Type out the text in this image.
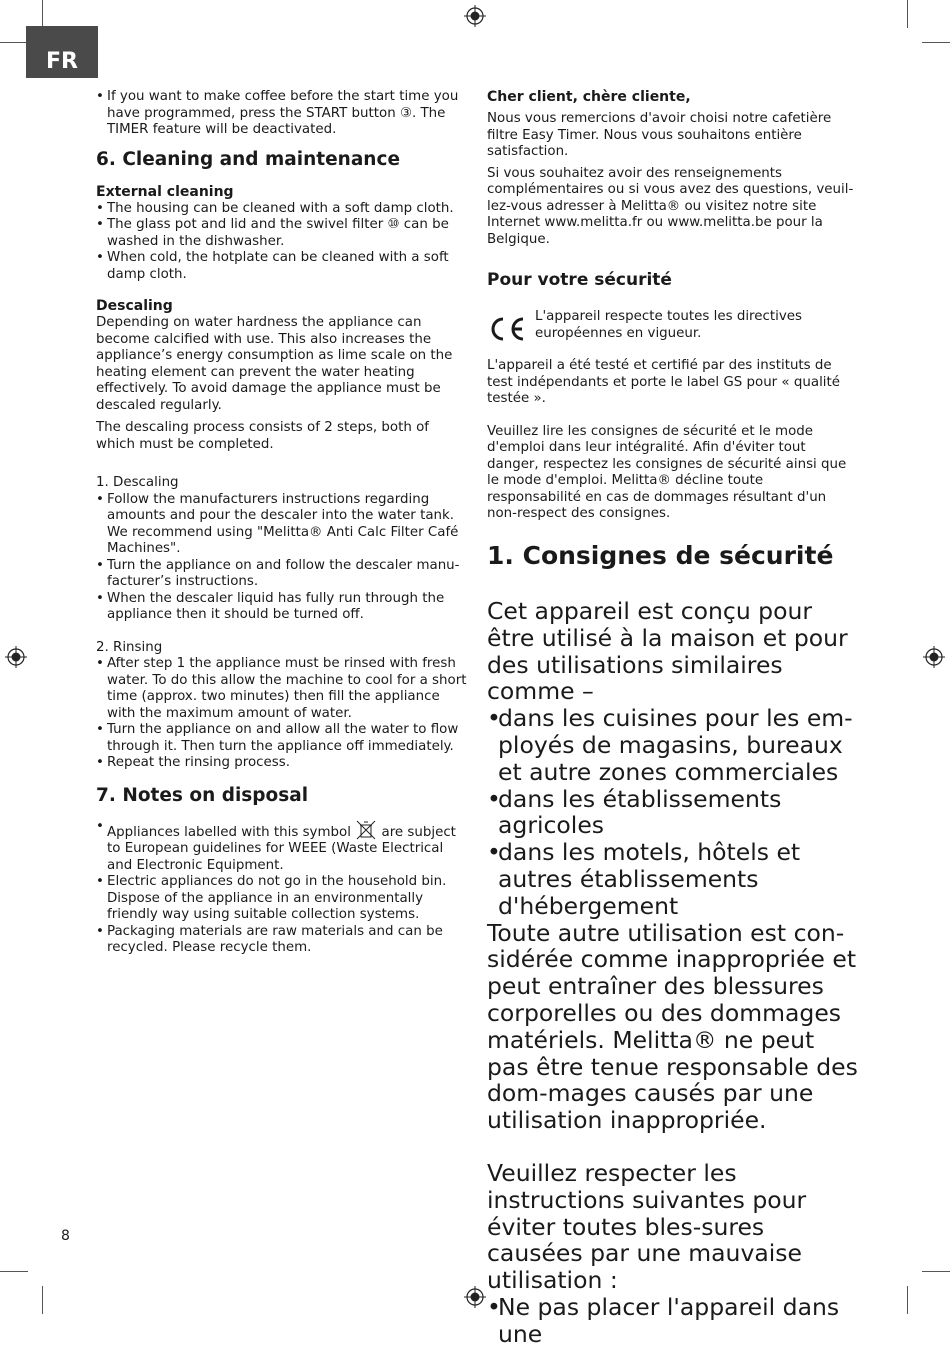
FR
• If you want to make coffee before the start time you have programmed, press the START button ③. The TIMER feature will be deactivated.

6. Cleaning and maintenance

External cleaning

• The housing can be cleaned with a soft damp cloth.
• The glass pot and lid and the swivel filter ⑩ can be washed in the dishwasher.
• When cold, the hotplate can be cleaned with a soft damp cloth.

Descaling

Depending on water hardness the appliance can become calcified with use. This also increases the appliance’s energy consumption as lime scale on the heating element can prevent the water heating effectively. To avoid damage the appliance must be descaled regularly.

The descaling process consists of 2 steps, both of which must be completed.

1. Descaling

• Follow the manufacturers instructions regarding amounts and pour the descaler into the water tank. We recommend using "Melitta® Anti Calc Filter Café Machines".
• Turn the appliance on and follow the descaler manu-facturer’s instructions.
• When the descaler liquid has fully run through the appliance then it should be turned off.

2. Rinsing

• After step 1 the appliance must be rinsed with fresh water. To do this allow the machine to cool for a short time (approx. two minutes) then fill the appliance with the maximum amount of water.
• Turn the appliance on and allow all the water to flow through it. Then turn the appliance off immediately.
• Repeat the rinsing process.

7. Notes on disposal

• Appliances labelled with this symbol are subject to European guidelines for WEEE (Waste Electrical and Electronic Equipment.
• Electric appliances do not go in the household bin. Dispose of the appliance in an environmentally friendly way using suitable collection systems.
• Packaging materials are raw materials and can be recycled. Please recycle them.

Cher client, chère cliente,

Nous vous remercions d'avoir choisi notre cafetière filtre Easy Timer. Nous vous souhaitons entière satisfaction.

Si vous souhaitez avoir des renseignements complémentaires ou si vous avez des questions, veuil-lez-vous adresser à Melitta® ou visitez notre site Internet www.melitta.fr ou www.melitta.be pour la Belgique.

Pour votre sécurité

L'appareil respecte toutes les directives européennes en vigueur.

L'appareil a été testé et certifié par des instituts de test indépendants et porte le label GS pour « qualité testée ».

Veuillez lire les consignes de sécurité et le mode d'emploi dans leur intégralité. Afin d'éviter tout danger, respectez les consignes de sécurité ainsi que le mode d'emploi. Melitta® décline toute responsabilité en cas de dommages résultant d'un non-respect des consignes.

1. Consignes de sécurité

Cet appareil est conçu pour être utilisé à la maison et pour des utilisations similaires comme –

• dans les cuisines pour les em-ployés de magasins, bureaux et autre zones commerciales
• dans les établissements agricoles
• dans les motels, hôtels et autres établissements d'hébergement

Toute autre utilisation est con-sidérée comme inappropriée et peut entraîner des blessures corporelles ou des dommages matériels. Melitta® ne peut pas être tenue responsable des dom-mages causés par une utilisation inappropriée.

Veuillez respecter les instructions suivantes pour éviter toutes bles-sures causées par une mauvaise utilisation :

• Ne pas placer l'appareil dans une
8
